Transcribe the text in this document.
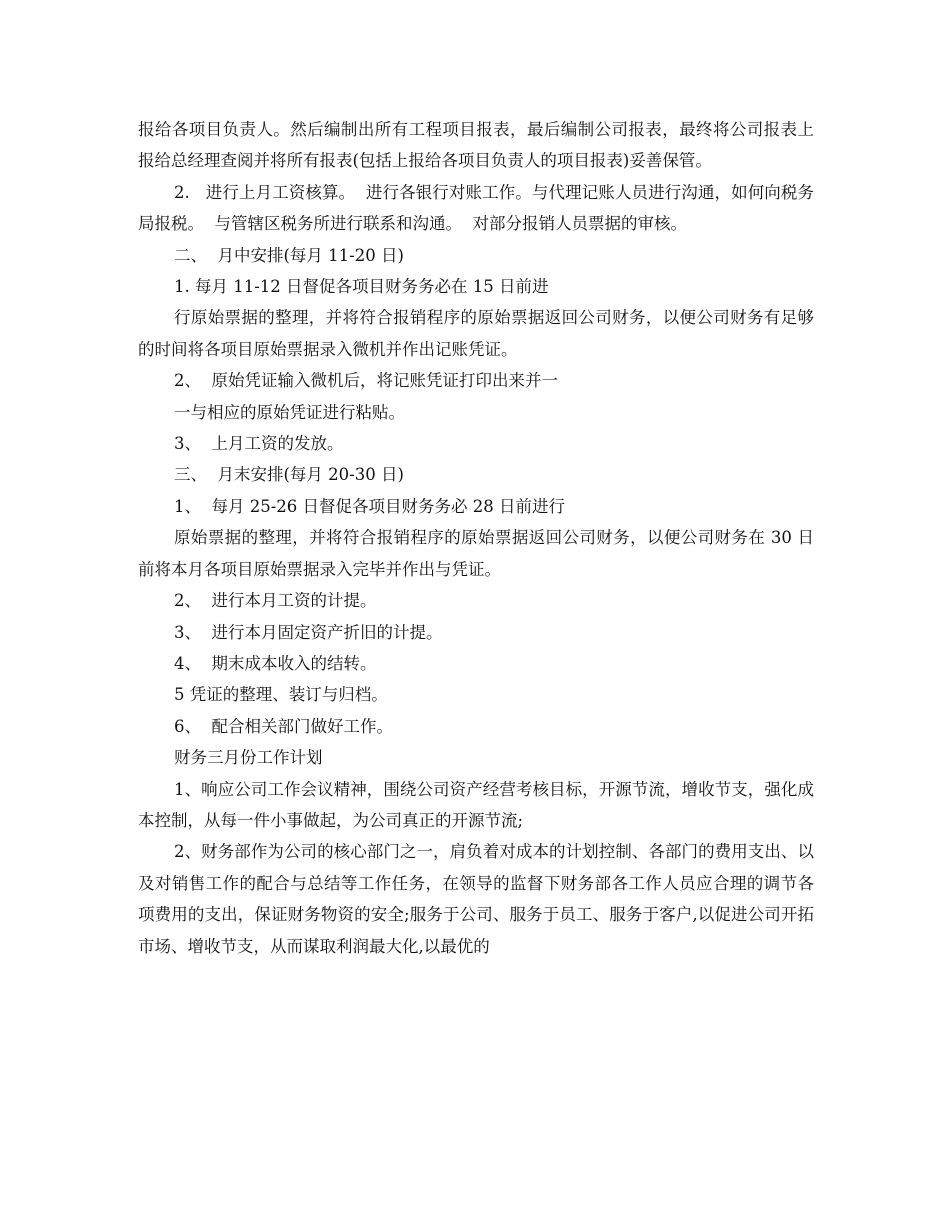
报给各项目负责人。然后编制出所有工程项目报表，最后编制公司报表，最终将公司报表上报给总经理查阅并将所有报表(包括上报给各项目负责人的项目报表)妥善保管。

2.   进行上月工资核算。  进行各银行对账工作。与代理记账人员进行沟通，如何向税务局报税。  与管辖区税务所进行联系和沟通。  对部分报销人员票据的审核。

二、  月中安排(每月 11-20 日)

1. 每月 11-12 日督促各项目财务务必在 15 日前进

行原始票据的整理，并将符合报销程序的原始票据返回公司财务，以便公司财务有足够的时间将各项目原始票据录入微机并作出记账凭证。

2、  原始凭证输入微机后，将记账凭证打印出来并一

一与相应的原始凭证进行粘贴。

3、  上月工资的发放。

三、  月末安排(每月 20-30 日)

1、  每月 25-26 日督促各项目财务务必 28 日前进行

原始票据的整理，并将符合报销程序的原始票据返回公司财务，以便公司财务在 30 日前将本月各项目原始票据录入完毕并作出与凭证。

2、  进行本月工资的计提。

3、  进行本月固定资产折旧的计提。

4、  期末成本收入的结转。

5 凭证的整理、装订与归档。

6、  配合相关部门做好工作。

财务三月份工作计划

1、响应公司工作会议精神，围绕公司资产经营考核目标，开源节流，增收节支，强化成本控制，从每一件小事做起，为公司真正的开源节流;

2、财务部作为公司的核心部门之一，肩负着对成本的计划控制、各部门的费用支出、以及对销售工作的配合与总结等工作任务，在领导的监督下财务部各工作人员应合理的调节各项费用的支出，保证财务物资的安全;服务于公司、服务于员工、服务于客户,以促进公司开拓市场、增收节支，从而谋取利润最大化,以最优的
